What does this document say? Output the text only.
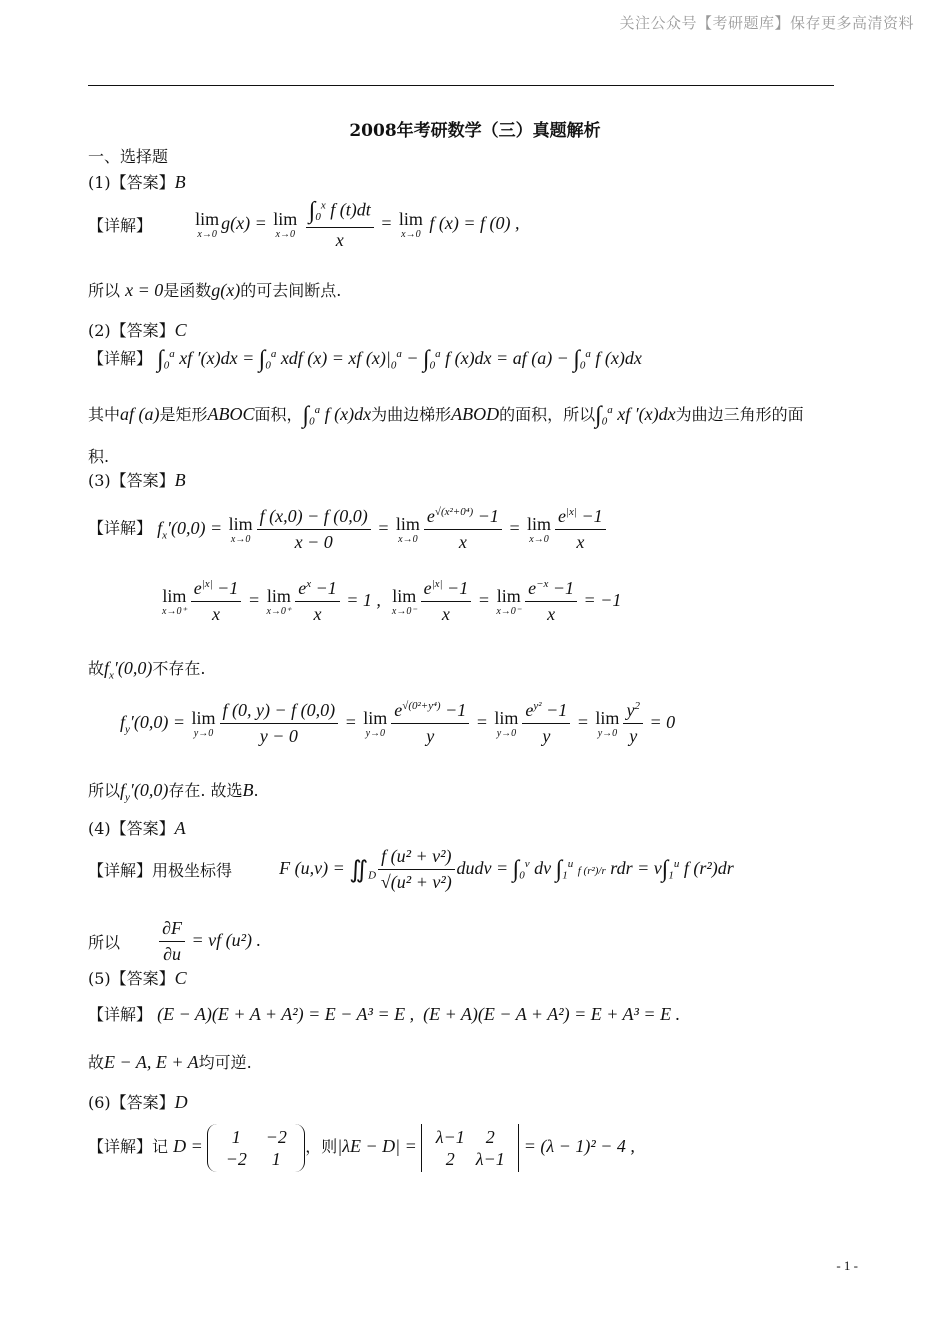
关注公众号【考研题库】保存更多高清资料
2008年考研数学（三）真题解析
一、选择题
(1)【答案】B
【详解】 lim
x→0
g(x) = lim
x→0
$\frac{\int_0^x f (t)dt}{x} = \lim$
x→0
f (x) = f (0) ,
所以 x = 0是函数g(x)的可去间断点.
(2)【答案】C
【详解】 $\int_0^a$ xf $'(x)dx = \int_0^a$ xdf (x) = xf $(x)|_0^a - \int_0^a$ f (x)dx = af $(a) - \int_0^a$ f (x)dx
其中af (a)是矩形ABOC面积，$\int_0^a$ f (x)dx为曲边梯形ABOD的面积，所以$\int_0^a$ xf ′(x)dx为曲边三角形的面
积.
(3)【答案】B
【详解】 $f_x'(0,0) = \lim$
$x\to 0 \frac{f (x,0) - f (0,0)}{x - 0} = \lim$
$x\to 0 \frac{e^{√(x^2+0^4)} -1}{x} = \lim$
$x\to 0 \frac{e^{|x|} -1}{x}$
lim
$x\to 0^+ \frac{e^{|x|} -1}{x} = \lim$
$x\to 0^+ \frac{e^x -1}{x} = 1$ ,  lim
$x\to 0^- \frac{e^{|x|} -1}{x} = \lim$
$x\to 0^- \frac{e^{-x} -1}{x} = -1$
故$f_x'(0,0)$不存在.
$f_y'(0,0) = \lim$
$y\to 0 \frac{f (0, y) - f (0,0)}{y - 0} = \lim$
$y\to 0 \frac{e^{√(0^2+y^4)} -1}{y} = \lim$
$y\to 0 \frac{e^{y^2} -1}{y} = \lim$
$y\to 0 \frac{y^2}{y} = 0$
所以$f_y'(0,0)$存在. 故选B.
(4)【答案】A
【详解】用极坐标得	F $(u,v) = ∬_D \frac{\text{f (u² + v²)}}{\text{√(u² + v²)}}$ dudv = $\int_0^v$ dv $\int_1^u$ f (r²)/r rdr = $v\int_1^u$ f (r²)dr
所以 $\frac{\partial F}{\partial u}$ = vf (u²) .
(5)【答案】C
【详解】 (E − A)(E + A + A²) = E − A³ = E ,  (E + A)(E − A + A²) = E + A³ = E .
故E − A, E + A均可逆.
(6)【答案】D
【详解】记 D =	1 −2
−2 1
，则|λE − D| = λ−1 2
2 λ−1
= (λ − 1)² − 4 ,
- 1 -
